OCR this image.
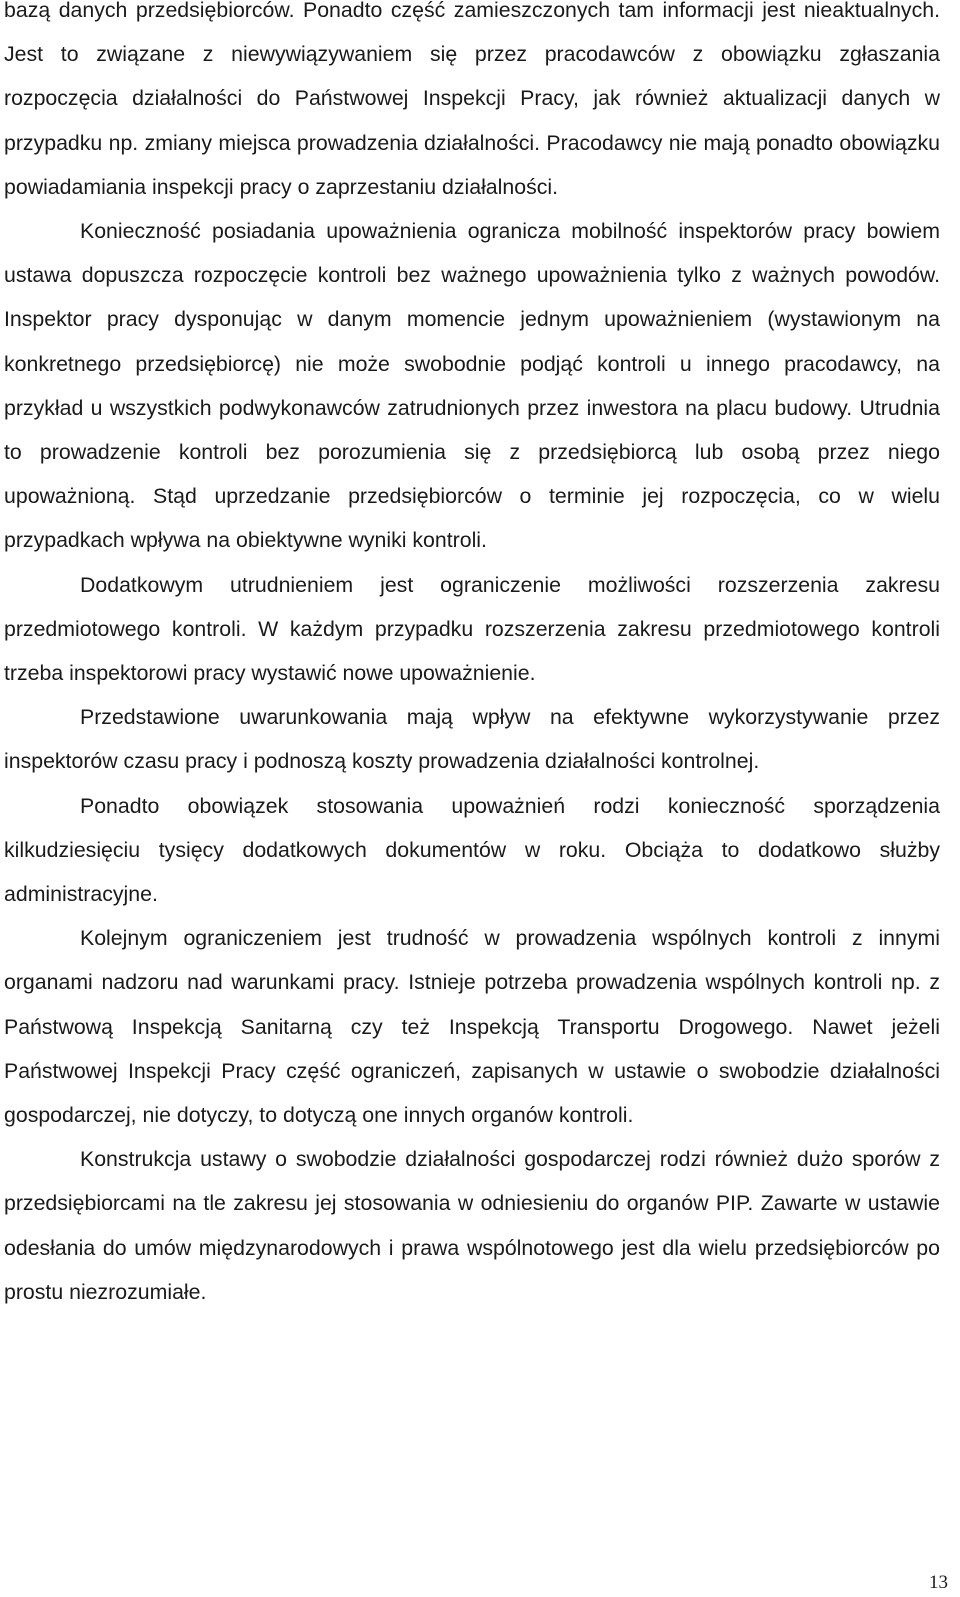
bazą danych przedsiębiorców. Ponadto część zamieszczonych tam informacji jest nieaktualnych. Jest to związane z niewywiązywaniem się przez pracodawców z obowiązku zgłaszania rozpoczęcia działalności do Państwowej Inspekcji Pracy, jak również aktualizacji danych w przypadku np. zmiany miejsca prowadzenia działalności. Pracodawcy nie mają ponadto obowiązku powiadamiania inspekcji pracy o zaprzestaniu działalności.

Konieczność posiadania upoważnienia ogranicza mobilność inspektorów pracy bowiem ustawa dopuszcza rozpoczęcie kontroli bez ważnego upoważnienia tylko z ważnych powodów. Inspektor pracy dysponując w danym momencie jednym upoważnieniem (wystawionym na konkretnego przedsiębiorcę) nie może swobodnie podjąć kontroli u innego pracodawcy, na przykład u wszystkich podwykonawców zatrudnionych przez inwestora na placu budowy. Utrudnia to prowadzenie kontroli bez porozumienia się z przedsiębiorcą lub osobą przez niego upoważnioną. Stąd uprzedzanie przedsiębiorców o terminie jej rozpoczęcia, co w wielu przypadkach wpływa na obiektywne wyniki kontroli.

Dodatkowym utrudnieniem jest ograniczenie możliwości rozszerzenia zakresu przedmiotowego kontroli. W każdym przypadku rozszerzenia zakresu przedmiotowego kontroli trzeba inspektorowi pracy wystawić nowe upoważnienie.

Przedstawione uwarunkowania mają wpływ na efektywne wykorzystywanie przez inspektorów czasu pracy i podnoszą koszty prowadzenia działalności kontrolnej.

Ponadto obowiązek stosowania upoważnień rodzi konieczność sporządzenia kilkudziesięciu tysięcy dodatkowych dokumentów w roku. Obciąża to dodatkowo służby administracyjne.

Kolejnym ograniczeniem jest trudność w prowadzenia wspólnych kontroli z innymi organami nadzoru nad warunkami pracy. Istnieje potrzeba prowadzenia wspólnych kontroli np. z Państwową Inspekcją Sanitarną czy też Inspekcją Transportu Drogowego. Nawet jeżeli Państwowej Inspekcji Pracy część ograniczeń, zapisanych w ustawie o swobodzie działalności gospodarczej, nie dotyczy, to dotyczą one innych organów kontroli.

Konstrukcja ustawy o swobodzie działalności gospodarczej rodzi również dużo sporów z przedsiębiorcami na tle zakresu jej stosowania w odniesieniu do organów PIP. Zawarte w ustawie odesłania do umów międzynarodowych i prawa wspólnotowego jest dla wielu przedsiębiorców po prostu niezrozumiałe.

13
